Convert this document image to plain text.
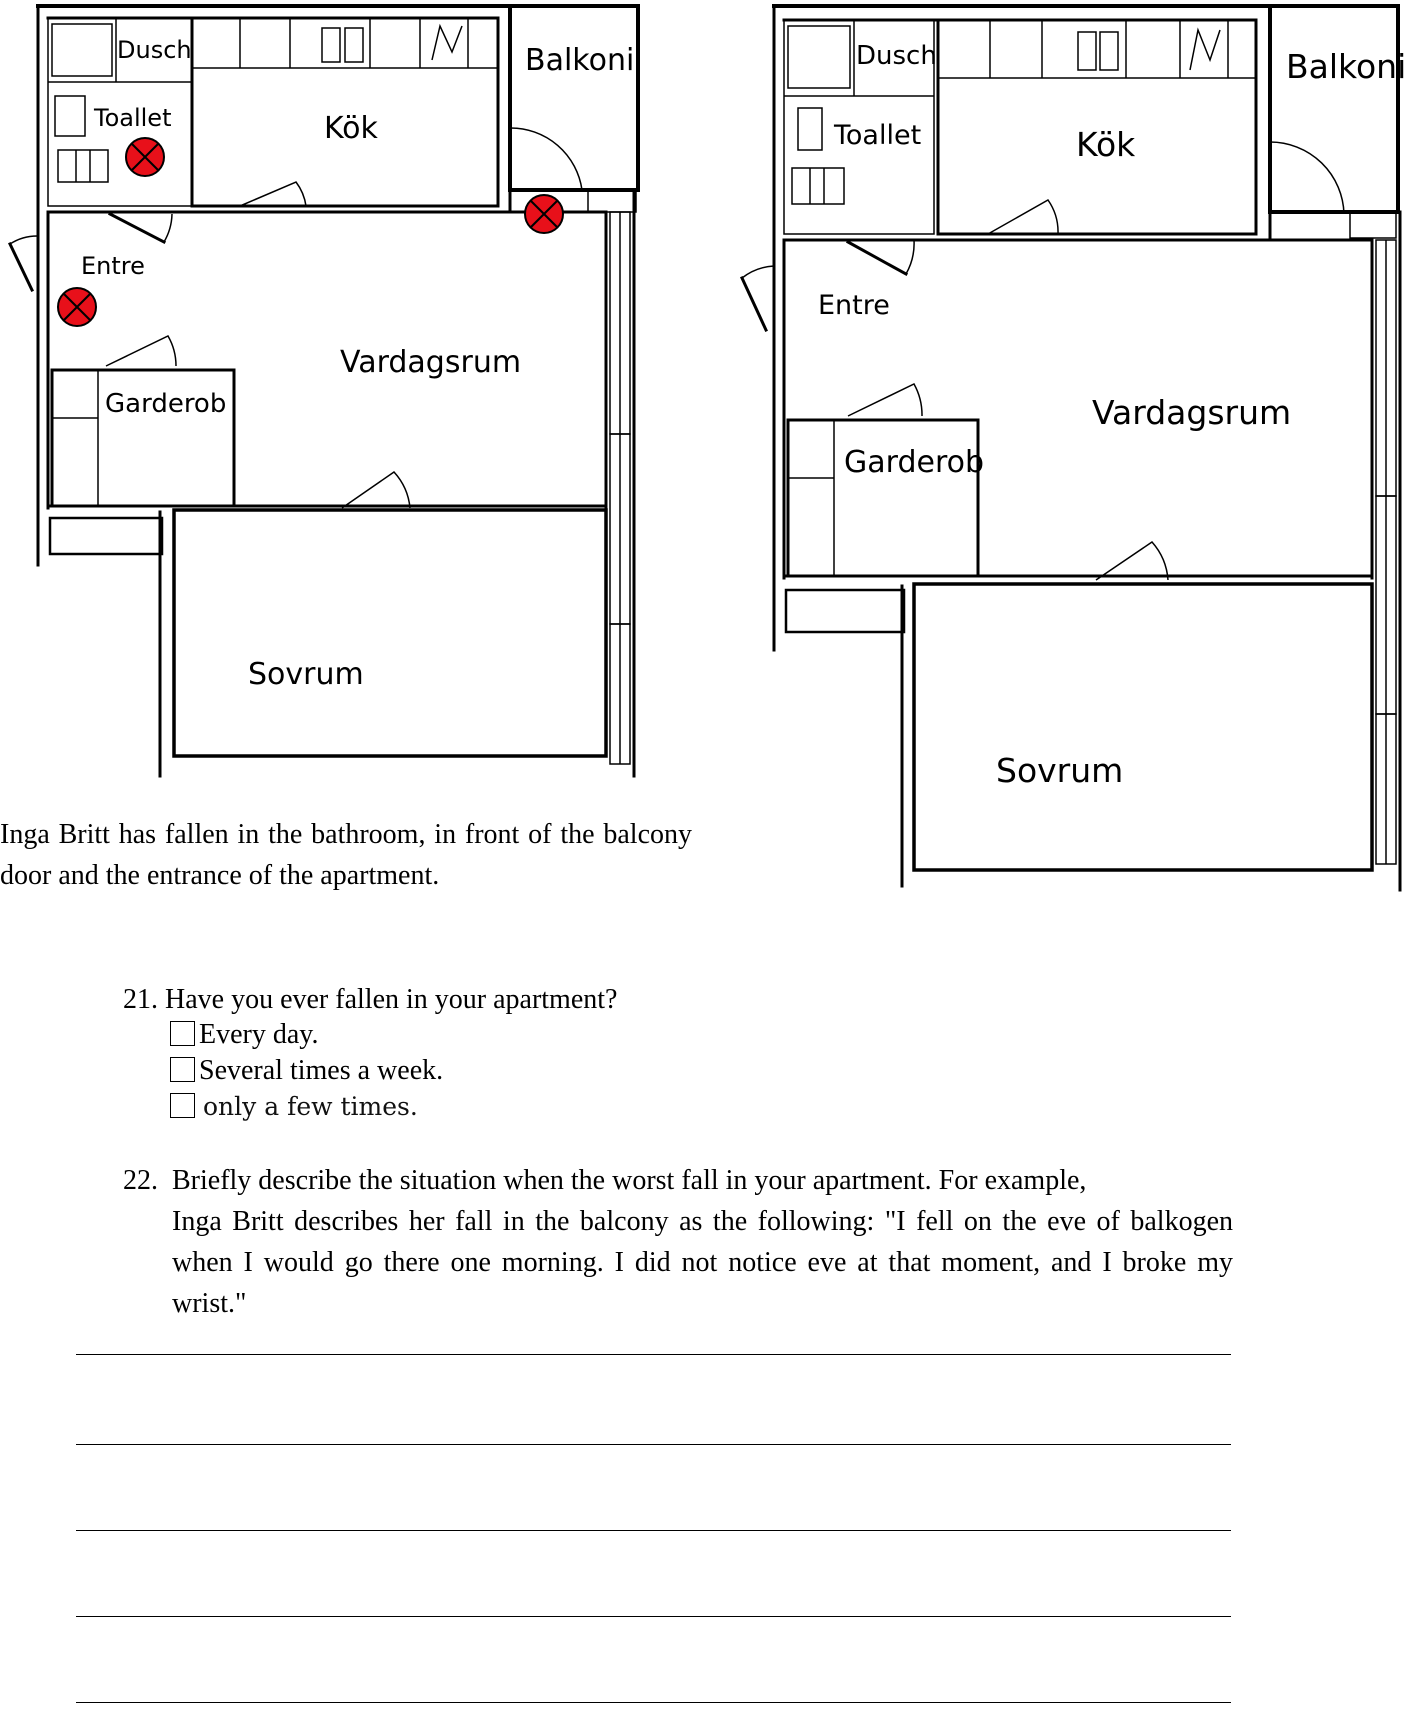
Dusch
Toallet	Kök
Balkoni
Entre
Vardagsrum
Garderob
Sovrum
Dusch
Toallet	Kök
Balkoni
Entre
Vardagsrum
Garderob
Sovrum

Inga Britt has fallen in the bathroom, in front of the balcony door and the entrance of the apartment.

21. Have you ever fallen in your apartment?
Every day.
Several times a week.
only a few times.

22. Briefly describe the situation when the worst fall in your apartment. For example,

Inga Britt describes her fall in the balcony as the following: "I fell on the eve of balkogen when I would go there one morning. I did not notice eve at that moment, and I broke my wrist."
